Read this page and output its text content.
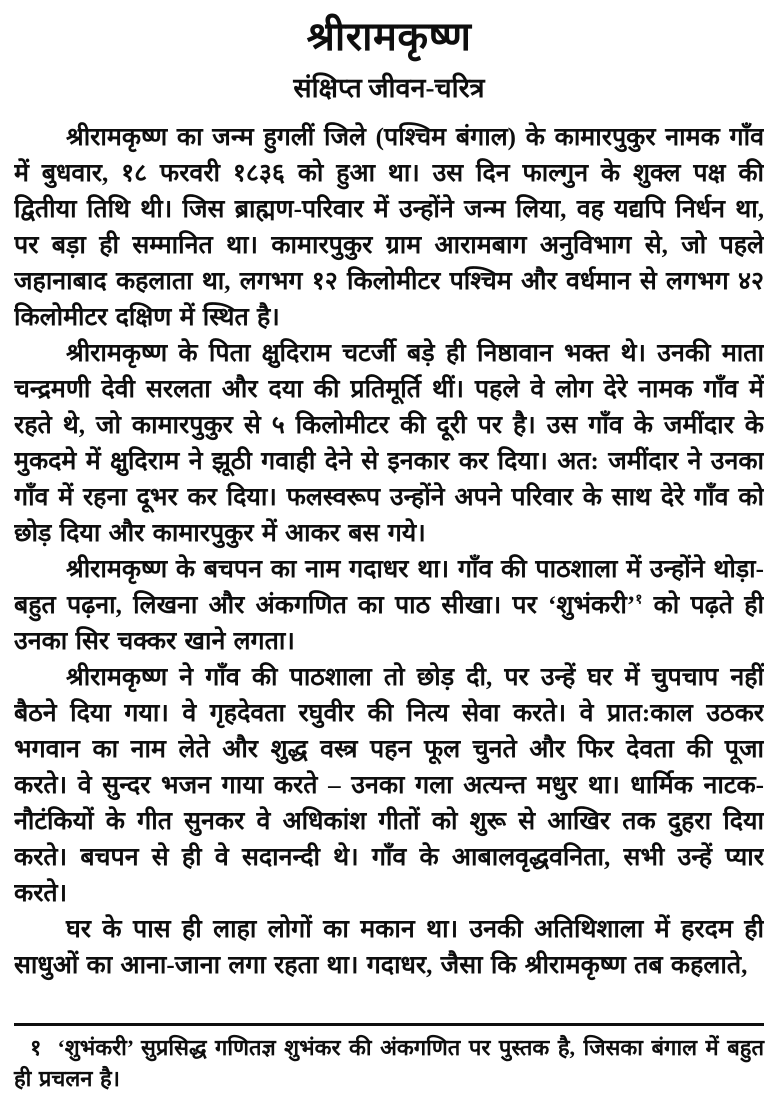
श्रीरामकृष्ण
संक्षिप्त जीवन-चरित्र

श्रीरामकृष्ण का जन्म हुगलीं जिले (पश्चिम बंगाल) के कामारपुकुर नामक गाँव में बुधवार, १८ फरवरी १८३६ को हुआ था। उस दिन फाल्गुन के शुक्ल पक्ष की द्वितीया तिथि थी। जिस ब्राह्मण-परिवार में उन्होंने जन्म लिया, वह यद्यपि निर्धन था, पर बड़ा ही सम्मानित था। कामारपुकुर ग्राम आरामबाग अनुविभाग से, जो पहले जहानाबाद कहलाता था, लगभग १२ किलोमीटर पश्चिम और वर्धमान से लगभग ४२ किलोमीटर दक्षिण में स्थित है।

श्रीरामकृष्ण के पिता क्षुदिराम चटर्जी बड़े ही निष्ठावान भक्त थे। उनकी माता चन्द्रमणी देवी सरलता और दया की प्रतिमूर्ति थीं। पहले वे लोग देरे नामक गाँव में रहते थे, जो कामारपुकुर से ५ किलोमीटर की दूरी पर है। उस गाँव के जमींदार के मुकदमे में क्षुदिराम ने झूठी गवाही देने से इनकार कर दिया। अत: जमींदार ने उनका गाँव में रहना दूभर कर दिया। फलस्वरूप उन्होंने अपने परिवार के साथ देरे गाँव को छोड़ दिया और कामारपुकुर में आकर बस गये।

श्रीरामकृष्ण के बचपन का नाम गदाधर था। गाँव की पाठशाला में उन्होंने थोड़ा-बहुत पढ़ना, लिखना और अंकगणित का पाठ सीखा। पर ‘शुभंकरी’$^१$ को पढ़ते ही उनका सिर चक्कर खाने लगता।

श्रीरामकृष्ण ने गाँव की पाठशाला तो छोड़ दी, पर उन्हें घर में चुपचाप नहीं बैठने दिया गया। वे गृहदेवता रघुवीर की नित्य सेवा करते। वे प्रात:काल उठकर भगवान का नाम लेते और शुद्ध वस्त्र पहन फूल चुनते और फिर देवता की पूजा करते। वे सुन्दर भजन गाया करते – उनका गला अत्यन्त मधुर था। धार्मिक नाटक-नौटंकियों के गीत सुनकर वे अधिकांश गीतों को शुरू से आखिर तक दुहरा दिया करते। बचपन से ही वे सदानन्दी थे। गाँव के आबालवृद्धवनिता, सभी उन्हें प्यार करते।

घर के पास ही लाहा लोगों का मकान था। उनकी अतिथिशाला में हरदम ही साधुओं का आना-जाना लगा रहता था। गदाधर, जैसा कि श्रीरामकृष्ण तब कहलाते,

१ ‘शुभंकरी’ सुप्रसिद्ध गणितज्ञ शुभंकर की अंकगणित पर पुस्तक है, जिसका बंगाल में बहुत ही प्रचलन है।
